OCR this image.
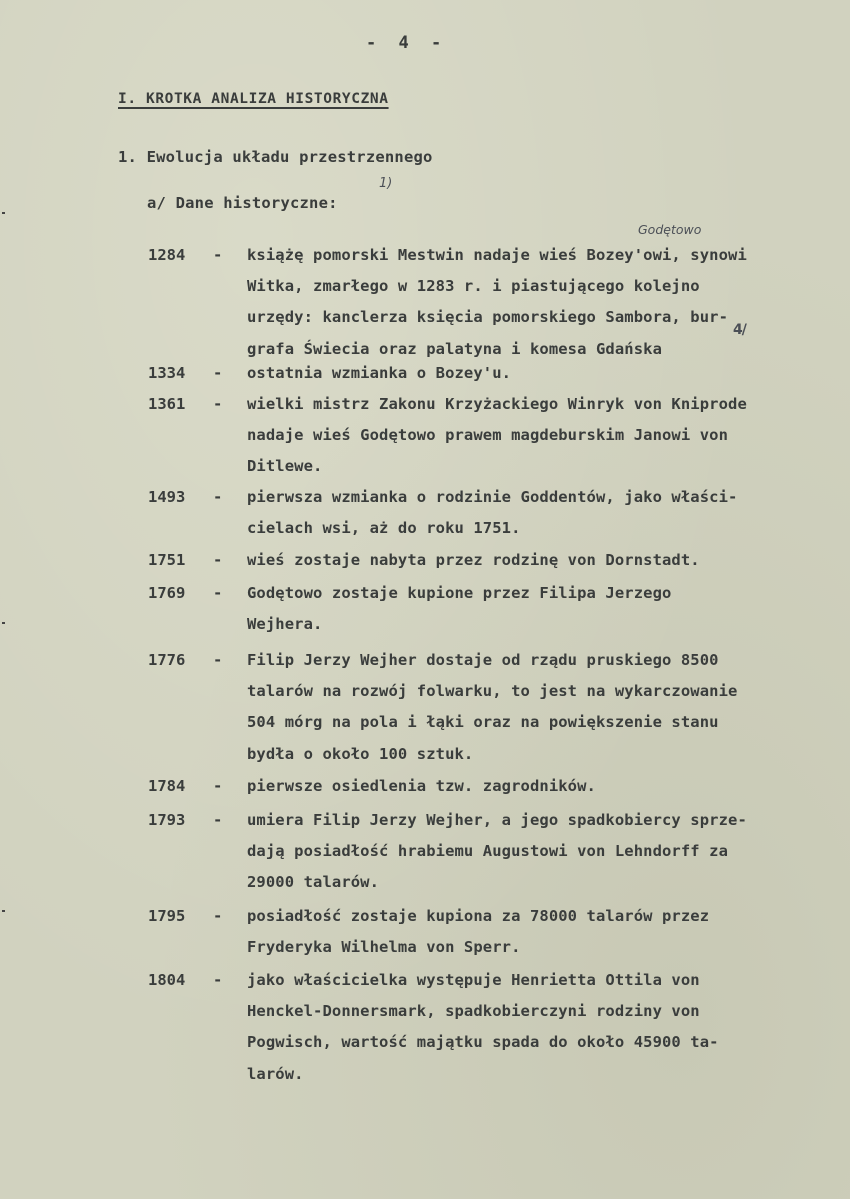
- 4 -
I. KROTKA ANALIZA HISTORYCZNA
1. Ewolucja układu przestrzennego
a/ Dane historyczne:
1)
Godętowo
1284	- książę pomorski Mestwin nadaje wieś Bozey'owi, synowi
Witka, zmarłego w 1283 r. i piastującego kolejno
urzędy: kanclerza księcia pomorskiego Sambora, bur-
grafa Świecia oraz palatyna i komesa Gdańska
4/
1334	- ostatnia wzmianka o Bozey'u.
1361	- wielki mistrz Zakonu Krzyżackiego Winryk von Kniprode
nadaje wieś Godętowo prawem magdeburskim Janowi von
Ditlewe.
1493	- pierwsza wzmianka o rodzinie Goddentów, jako właści-
cielach wsi, aż do roku 1751.
1751	- wieś zostaje nabyta przez rodzinę von Dornstadt.
1769	- Godętowo zostaje kupione przez Filipa Jerzego
Wejhera.
1776	- Filip Jerzy Wejher dostaje od rządu pruskiego 8500
talarów na rozwój folwarku, to jest na wykarczowanie
504 mórg na pola i łąki oraz na powiększenie stanu
bydła o około 100 sztuk.
1784	- pierwsze osiedlenia tzw. zagrodników.
1793	- umiera Filip Jerzy Wejher, a jego spadkobiercy sprze-
dają posiadłość hrabiemu Augustowi von Lehndorff za
29000 talarów.
1795	- posiadłość zostaje kupiona za 78000 talarów przez
Fryderyka Wilhelma von Sperr.
1804	- jako właścicielka występuje Henrietta Ottila von
Henckel-Donnersmark, spadkobierczyni rodziny von
Pogwisch, wartość majątku spada do około 45900 ta-
larów.
